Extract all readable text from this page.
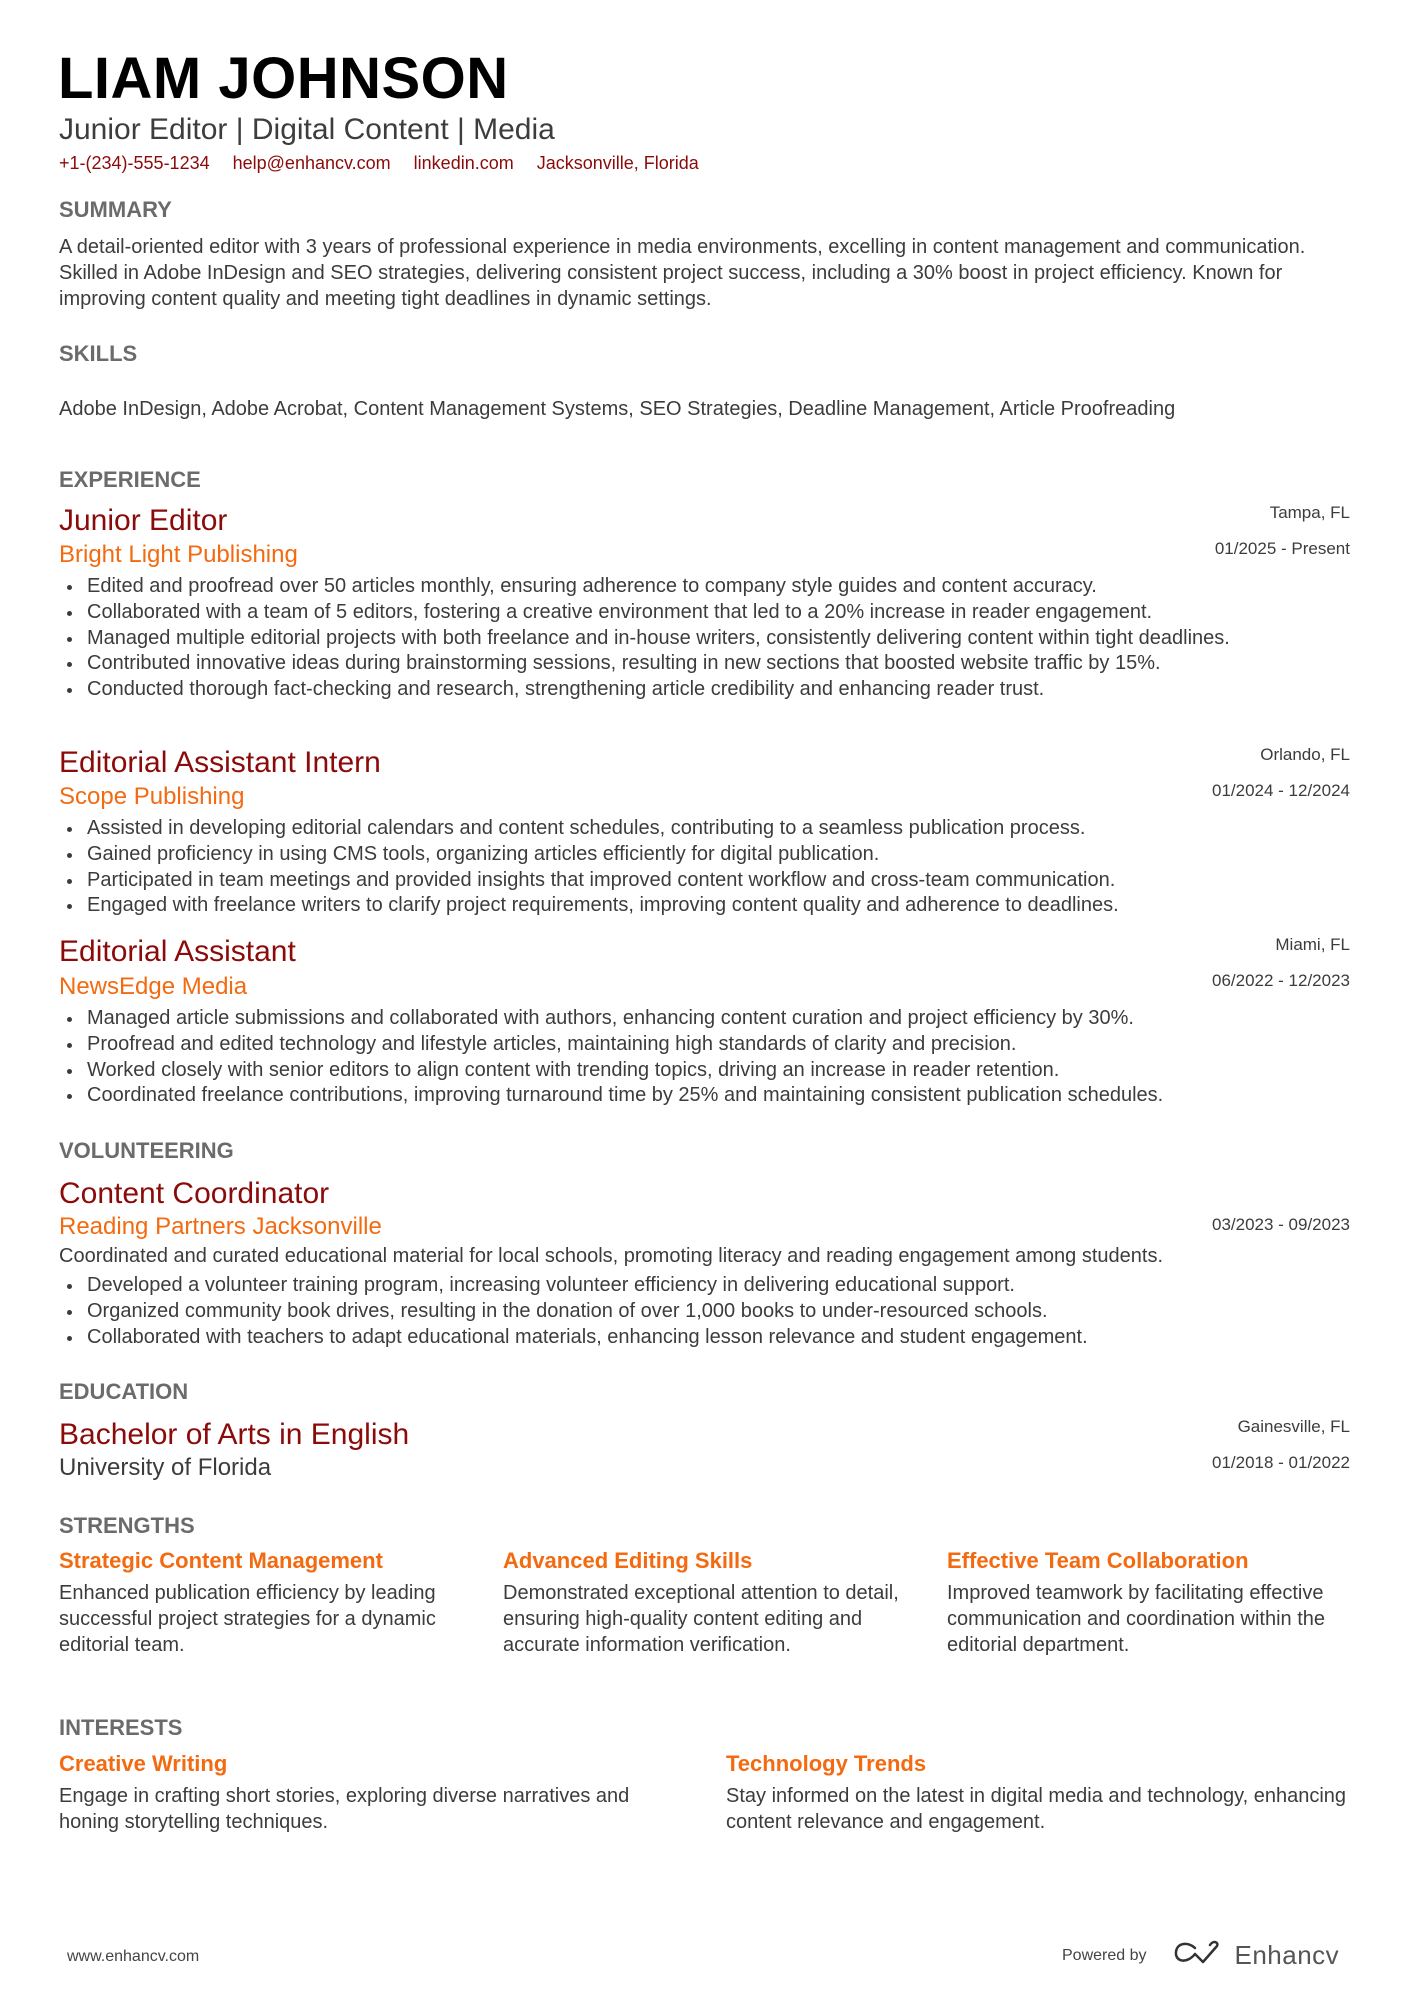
LIAM JOHNSON
Junior Editor | Digital Content | Media
+1-(234)-555-1234 help@enhancv.com linkedin.com Jacksonville, Florida
SUMMARY
A detail-oriented editor with 3 years of professional experience in media environments, excelling in content management and communication. Skilled in Adobe InDesign and SEO strategies, delivering consistent project success, including a 30% boost in project efficiency. Known for improving content quality and meeting tight deadlines in dynamic settings.
SKILLS
Adobe InDesign, Adobe Acrobat, Content Management Systems, SEO Strategies, Deadline Management, Article Proofreading
EXPERIENCE
Junior Editor	Tampa, FL
Bright Light Publishing	01/2025 - Present
Edited and proofread over 50 articles monthly, ensuring adherence to company style guides and content accuracy.
Collaborated with a team of 5 editors, fostering a creative environment that led to a 20% increase in reader engagement.
Managed multiple editorial projects with both freelance and in-house writers, consistently delivering content within tight deadlines.
Contributed innovative ideas during brainstorming sessions, resulting in new sections that boosted website traffic by 15%.
Conducted thorough fact-checking and research, strengthening article credibility and enhancing reader trust.
Editorial Assistant Intern	Orlando, FL
Scope Publishing	01/2024 - 12/2024
Assisted in developing editorial calendars and content schedules, contributing to a seamless publication process.
Gained proficiency in using CMS tools, organizing articles efficiently for digital publication.
Participated in team meetings and provided insights that improved content workflow and cross-team communication.
Engaged with freelance writers to clarify project requirements, improving content quality and adherence to deadlines.
Editorial Assistant	Miami, FL
NewsEdge Media	06/2022 - 12/2023
Managed article submissions and collaborated with authors, enhancing content curation and project efficiency by 30%.
Proofread and edited technology and lifestyle articles, maintaining high standards of clarity and precision.
Worked closely with senior editors to align content with trending topics, driving an increase in reader retention.
Coordinated freelance contributions, improving turnaround time by 25% and maintaining consistent publication schedules.
VOLUNTEERING
Content Coordinator
Reading Partners Jacksonville	03/2023 - 09/2023
Coordinated and curated educational material for local schools, promoting literacy and reading engagement among students.
Developed a volunteer training program, increasing volunteer efficiency in delivering educational support.
Organized community book drives, resulting in the donation of over 1,000 books to under-resourced schools.
Collaborated with teachers to adapt educational materials, enhancing lesson relevance and student engagement.
EDUCATION
Bachelor of Arts in English	Gainesville, FL
University of Florida	01/2018 - 01/2022
STRENGTHS
Strategic Content Management
Enhanced publication efficiency by leading successful project strategies for a dynamic editorial team.
Advanced Editing Skills
Demonstrated exceptional attention to detail, ensuring high-quality content editing and accurate information verification.
Effective Team Collaboration
Improved teamwork by facilitating effective communication and coordination within the editorial department.
INTERESTS
Creative Writing
Engage in crafting short stories, exploring diverse narratives and honing storytelling techniques.
Technology Trends
Stay informed on the latest in digital media and technology, enhancing content relevance and engagement.
www.enhancv.com	Powered by	Enhancv
